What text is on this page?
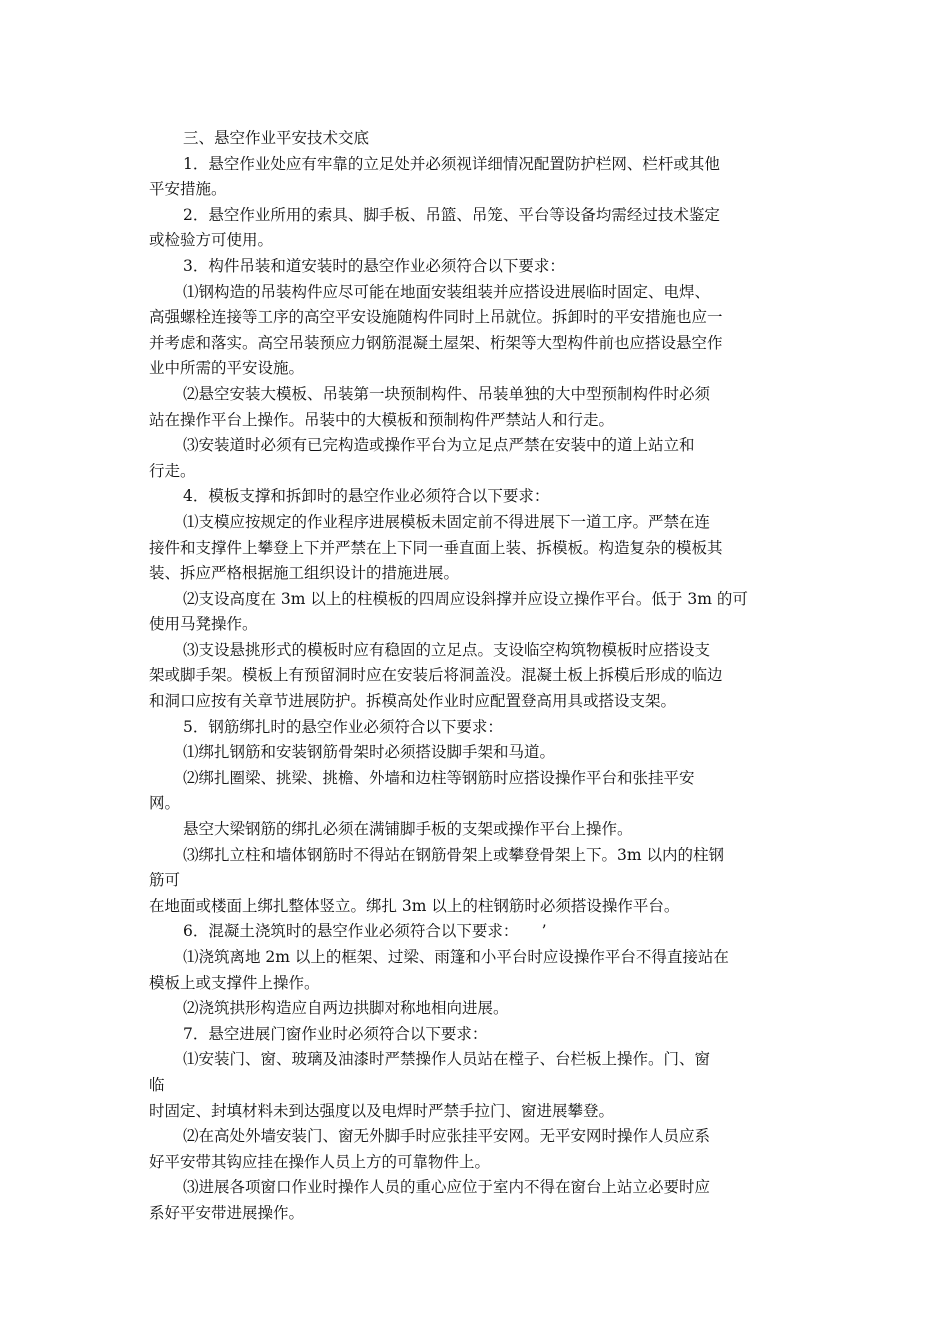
三、悬空作业平安技术交底
1．悬空作业处应有牢靠的立足处并必须视详细情况配置防护栏网、栏杆或其他
平安措施。
2．悬空作业所用的索具、脚手板、吊篮、吊笼、平台等设备均需经过技术鉴定
或检验方可使用。
3．构件吊装和道安装时的悬空作业必须符合以下要求：
⑴钢构造的吊装构件应尽可能在地面安装组装并应搭设进展临时固定、电焊、
高强螺栓连接等工序的高空平安设施随构件同时上吊就位。拆卸时的平安措施也应一
并考虑和落实。高空吊装预应力钢筋混凝土屋架、桁架等大型构件前也应搭设悬空作
业中所需的平安设施。
⑵悬空安装大模板、吊装第一块预制构件、吊装单独的大中型预制构件时必须
站在操作平台上操作。吊装中的大模板和预制构件严禁站人和行走。
⑶安装道时必须有已完构造或操作平台为立足点严禁在安装中的道上站立和
行走。
4．模板支撑和拆卸时的悬空作业必须符合以下要求：
⑴支模应按规定的作业程序进展模板未固定前不得进展下一道工序。严禁在连
接件和支撑件上攀登上下并严禁在上下同一垂直面上装、拆模板。构造复杂的模板其
装、拆应严格根据施工组织设计的措施进展。
⑵支设高度在 3m 以上的柱模板的四周应设斜撑并应设立操作平台。低于 3m 的可
使用马凳操作。
⑶支设悬挑形式的模板时应有稳固的立足点。支设临空构筑物模板时应搭设支
架或脚手架。模板上有预留洞时应在安装后将洞盖没。混凝土板上拆模后形成的临边
和洞口应按有关章节进展防护。拆模高处作业时应配置登高用具或搭设支架。
5．钢筋绑扎时的悬空作业必须符合以下要求：
⑴绑扎钢筋和安装钢筋骨架时必须搭设脚手架和马道。
⑵绑扎圈梁、挑梁、挑檐、外墙和边柱等钢筋时应搭设操作平台和张挂平安
网。
悬空大梁钢筋的绑扎必须在满铺脚手板的支架或操作平台上操作。
⑶绑扎立柱和墙体钢筋时不得站在钢筋骨架上或攀登骨架上下。3m 以内的柱钢
筋可
在地面或楼面上绑扎整体竖立。绑扎 3m 以上的柱钢筋时必须搭设操作平台。
6．混凝土浇筑时的悬空作业必须符合以下要求：　　’
⑴浇筑离地 2m 以上的框架、过梁、雨篷和小平台时应设操作平台不得直接站在
模板上或支撑件上操作。
⑵浇筑拱形构造应自两边拱脚对称地相向进展。
7．悬空进展门窗作业时必须符合以下要求：
⑴安装门、窗、玻璃及油漆时严禁操作人员站在樘子、台栏板上操作。门、窗
临
时固定、封填材料未到达强度以及电焊时严禁手拉门、窗进展攀登。
⑵在高处外墙安装门、窗无外脚手时应张挂平安网。无平安网时操作人员应系
好平安带其钩应挂在操作人员上方的可靠物件上。
⑶进展各项窗口作业时操作人员的重心应位于室内不得在窗台上站立必要时应
系好平安带进展操作。
